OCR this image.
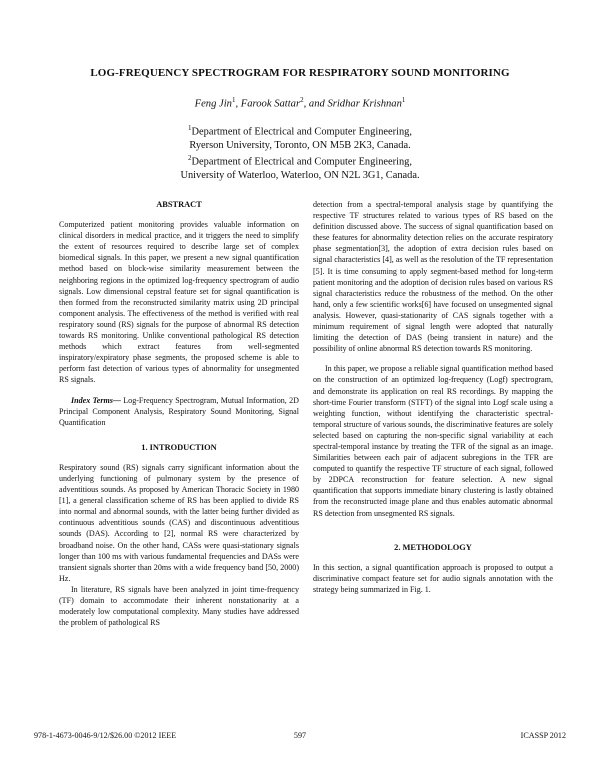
LOG-FREQUENCY SPECTROGRAM FOR RESPIRATORY SOUND MONITORING
Feng Jin$^1$, Farook Sattar$^2$, and Sridhar Krishnan$^1$
$^1$Department of Electrical and Computer Engineering,
Ryerson University, Toronto, ON M5B 2K3, Canada.
$^2$Department of Electrical and Computer Engineering,
University of Waterloo, Waterloo, ON N2L 3G1, Canada.

ABSTRACT

Computerized patient monitoring provides valuable information on clinical disorders in medical practice, and it triggers the need to simplify the extent of resources required to describe large set of complex biomedical signals. In this paper, we present a new signal quantification method based on block-wise similarity measurement between the neighboring regions in the optimized log-frequency spectrogram of audio signals. Low dimensional cepstral feature set for signal quantification is then formed from the reconstructed similarity matrix using 2D principal component analysis. The effectiveness of the method is verified with real respiratory sound (RS) signals for the purpose of abnormal RS detection towards RS monitoring. Unlike conventional pathological RS detection methods which extract features from well-segmented inspiratory/expiratory phase segments, the proposed scheme is able to perform fast detection of various types of abnormality for unsegmented RS signals.

Index Terms— Log-Frequency Spectrogram, Mutual Information, 2D Principal Component Analysis, Respiratory Sound Monitoring, Signal Quantification

1. INTRODUCTION

Respiratory sound (RS) signals carry significant information about the underlying functioning of pulmonary system by the presence of adventitious sounds. As proposed by American Thoracic Society in 1980 [1], a general classification scheme of RS has been applied to divide RS into normal and abnormal sounds, with the latter being further divided as continuous adventitious sounds (CAS) and discontinuous adventitious sounds (DAS). According to [2], normal RS were characterized by broadband noise. On the other hand, CASs were quasi-stationary signals longer than 100 ms with various fundamental frequencies and DASs were transient signals shorter than 20ms with a wide frequency band [50, 2000) Hz.

In literature, RS signals have been analyzed in joint time-frequency (TF) domain to accommodate their inherent nonstationarity at a moderately low computational complexity. Many studies have addressed the problem of pathological RS

detection from a spectral-temporal analysis stage by quantifying the respective TF structures related to various types of RS based on the definition discussed above. The success of signal quantification based on these features for abnormality detection relies on the accurate respiratory phase segmentation[3], the adoption of extra decision rules based on signal characteristics [4], as well as the resolution of the TF representation [5]. It is time consuming to apply segment-based method for long-term patient monitoring and the adoption of decision rules based on various RS signal characteristics reduce the robustness of the method. On the other hand, only a few scientific works[6] have focused on unsegmented signal analysis. However, quasi-stationarity of CAS signals together with a minimum requirement of signal length were adopted that naturally limiting the detection of DAS (being transient in nature) and the possibility of online abnormal RS detection towards RS monitoring.

In this paper, we propose a reliable signal quantification method based on the construction of an optimized log-frequency (Logf) spectrogram, and demonstrate its application on real RS recordings. By mapping the short-time Fourier transform (STFT) of the signal into Logf scale using a weighting function, without identifying the characteristic spectral-temporal structure of various sounds, the discriminative features are solely selected based on capturing the non-specific signal variability at each spectral-temporal instance by treating the TFR of the signal as an image. Similarities between each pair of adjacent subregions in the TFR are computed to quantify the respective TF structure of each signal, followed by 2DPCA reconstruction for feature selection. A new signal quantification that supports immediate binary clustering is lastly obtained from the reconstructed image plane and thus enables automatic abnormal RS detection from unsegmented RS signals.

2. METHODOLOGY

In this section, a signal quantification approach is proposed to output a discriminative compact feature set for audio signals annotation with the strategy being summarized in Fig. 1.

978-1-4673-0046-9/12/$26.00 ©2012 IEEE	597	ICASSP 2012
